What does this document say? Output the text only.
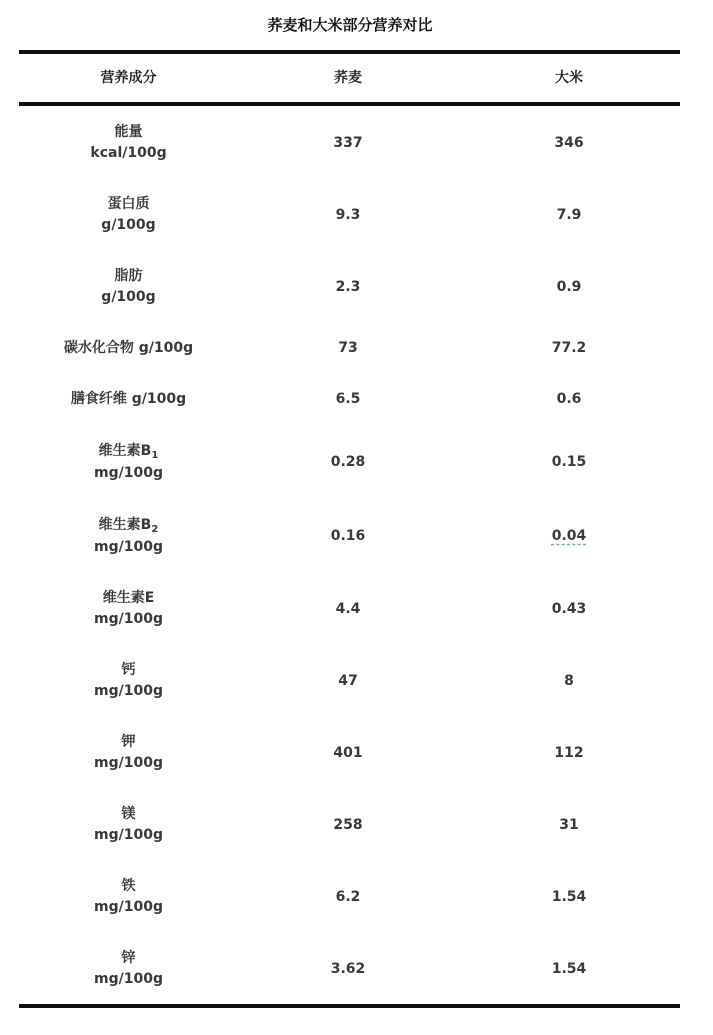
荞麦和大米部分营养对比
营养成分	荞麦	大米
能量
kcal/100g
337	346
蛋白质
g/100g
9.3	7.9
脂肪
g/100g
2.3	0.9
碳水化合物 g/100g	73	77.2
膳食纤维 g/100g	6.5	0.6
维生素$B_1$
mg/100g
0.28	0.15
维生素$B_2$
mg/100g
0.16	0.04
维生素E
mg/100g
4.4	0.43
钙
mg/100g
47	8
钾
mg/100g
401	112
镁
mg/100g
258	31
铁
mg/100g
6.2	1.54
锌
mg/100g
3.62	1.54
